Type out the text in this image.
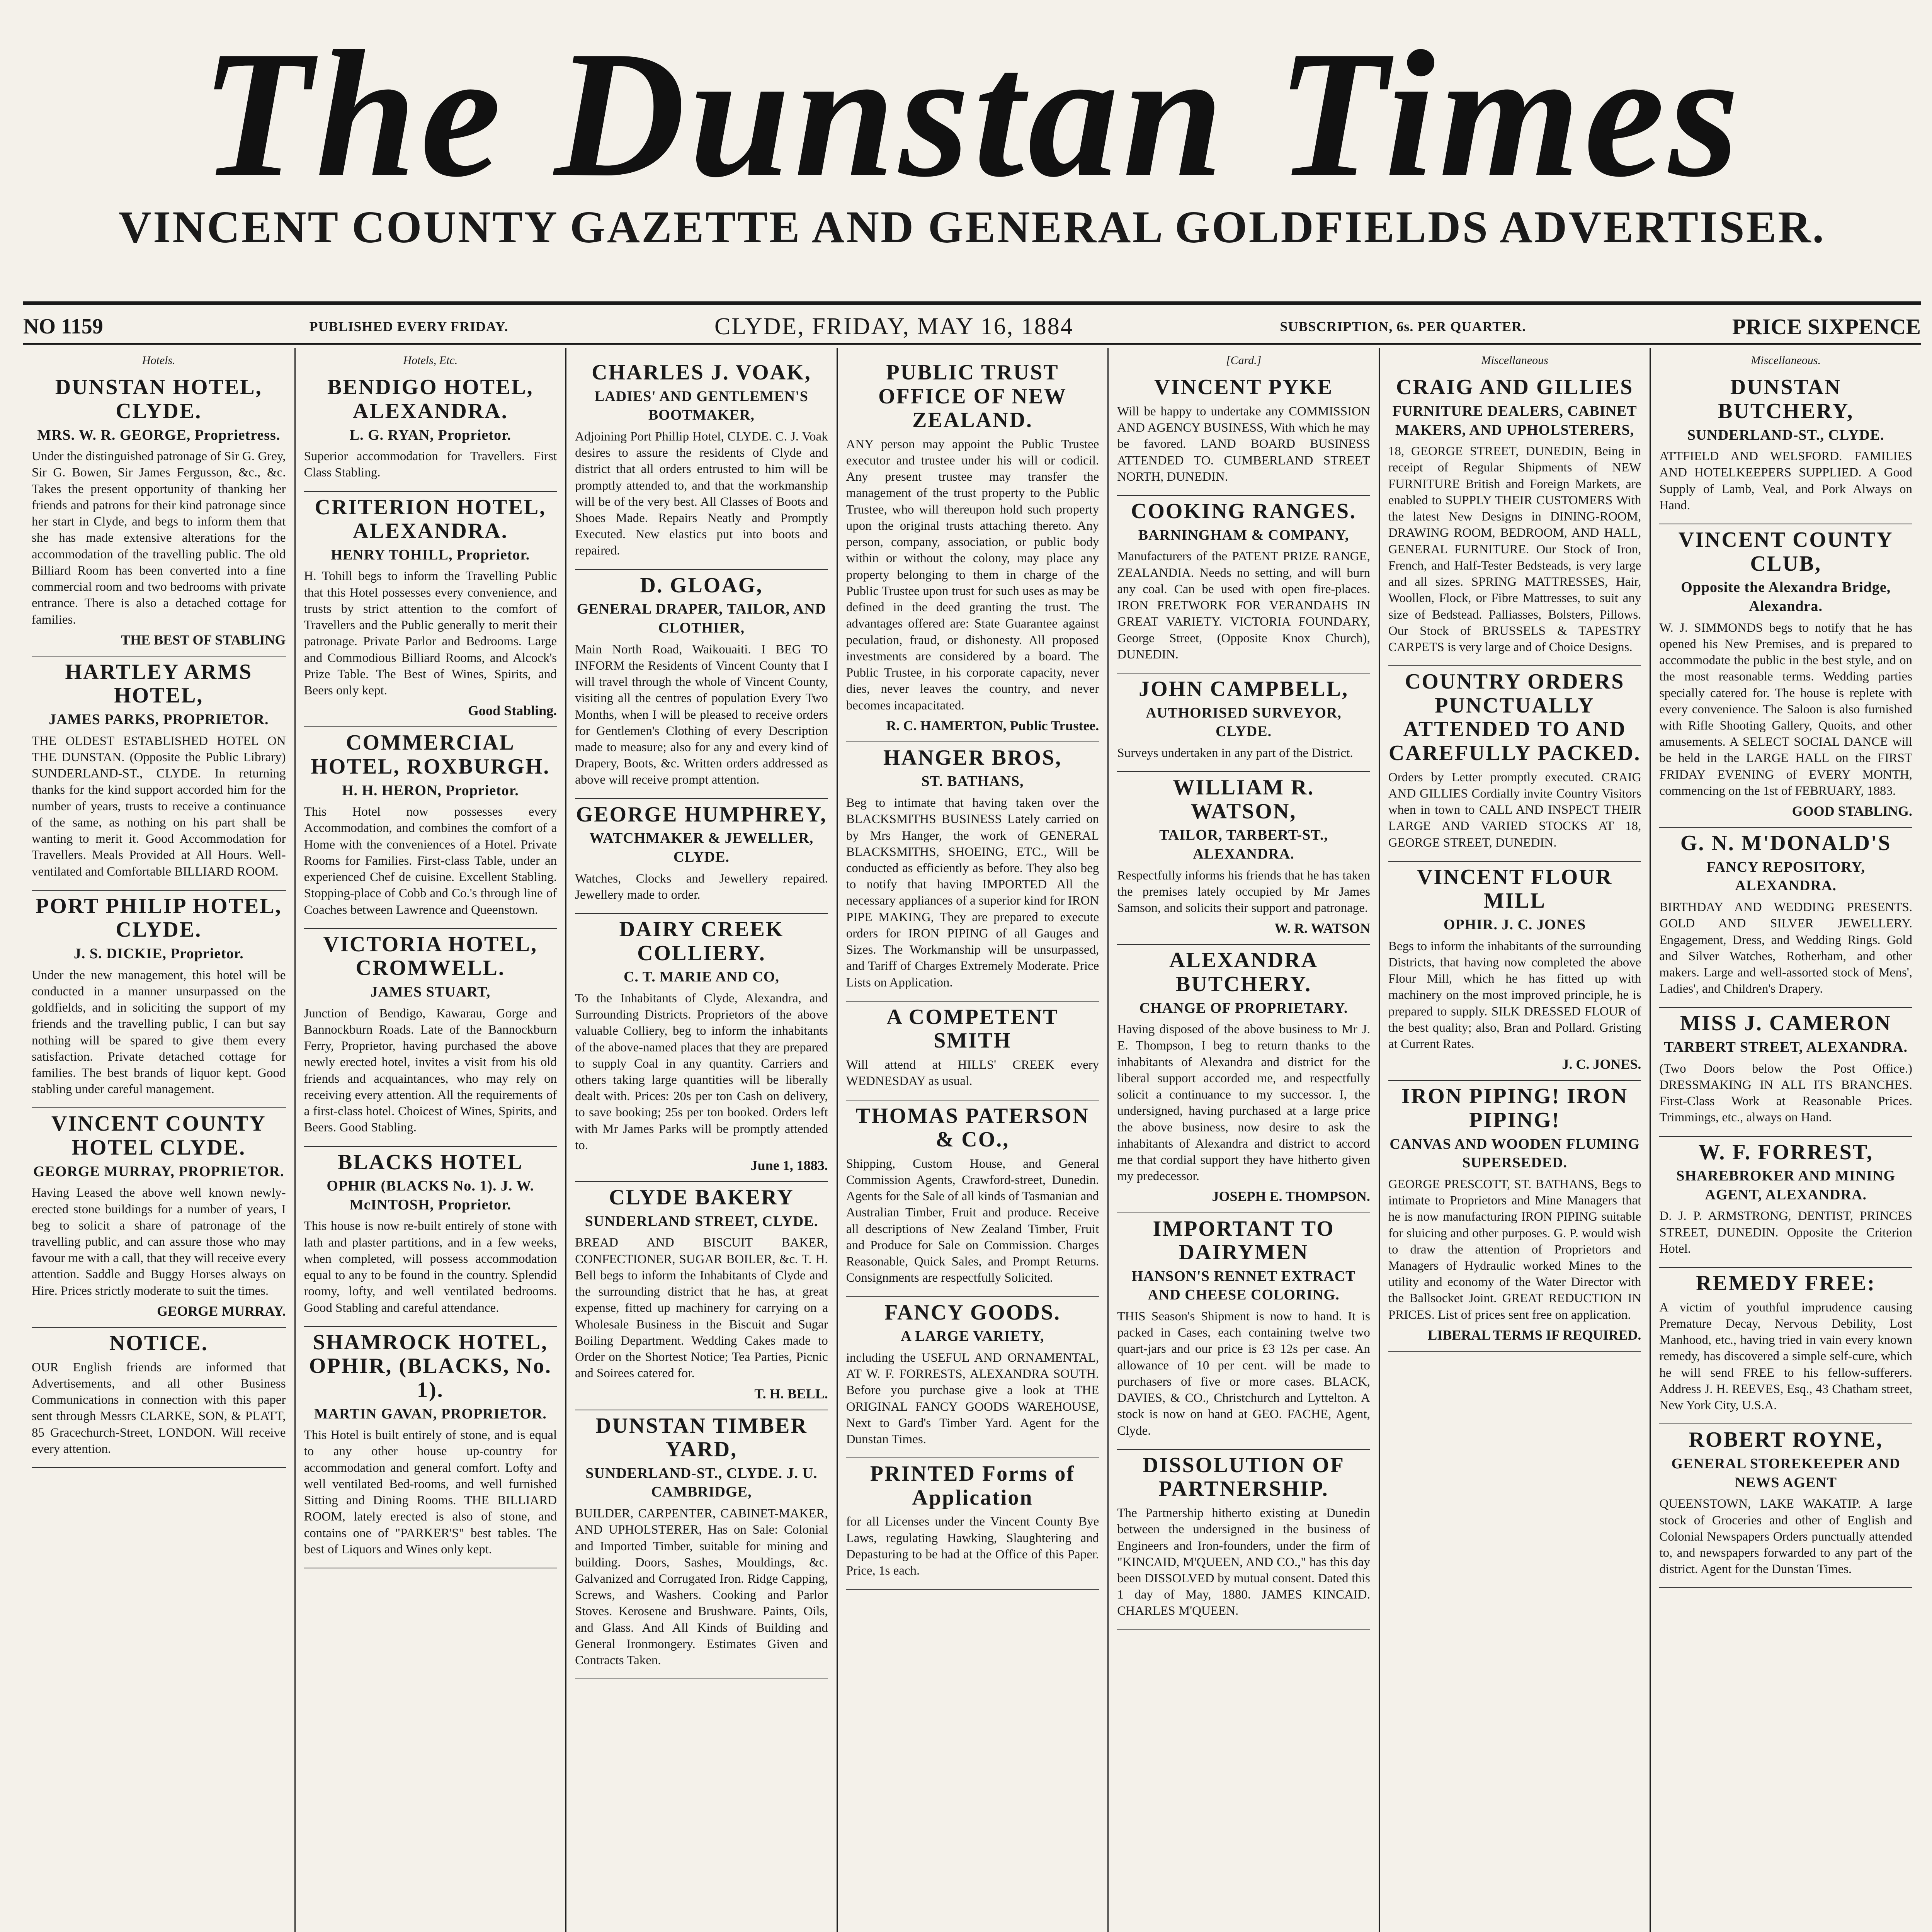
The Dunstan Times
VINCENT COUNTY GAZETTE AND GENERAL GOLDFIELDS ADVERTISER.
NO 1159	PUBLISHED EVERY FRIDAY.	CLYDE, FRIDAY, MAY 16, 1884	SUBSCRIPTION, 6s. PER QUARTER.	PRICE SIXPENCE
Hotels.
DUNSTAN HOTEL, CLYDE.
MRS. W. R. GEORGE, Proprietress.
Under the distinguished patronage of Sir G. Grey, Sir G. Bowen, Sir James Fergusson, &c., &c. Takes the present opportunity of thanking her friends and patrons for their kind patronage since her start in Clyde, and begs to inform them that she has made extensive alterations for the accommodation of the travelling public. The old Billiard Room has been converted into a fine commercial room and two bedrooms with private entrance. There is also a detached cottage for families.
THE BEST OF STABLING
HARTLEY ARMS HOTEL,
JAMES PARKS, PROPRIETOR.
THE OLDEST ESTABLISHED HOTEL ON THE DUNSTAN. (Opposite the Public Library) SUNDERLAND-ST., CLYDE. In returning thanks for the kind support accorded him for the number of years, trusts to receive a continuance of the same, as nothing on his part shall be wanting to merit it. Good Accommodation for Travellers. Meals Provided at All Hours. Well-ventilated and Comfortable BILLIARD ROOM.
PORT PHILIP HOTEL, CLYDE.
J. S. DICKIE, Proprietor.
Under the new management, this hotel will be conducted in a manner unsurpassed on the goldfields, and in soliciting the support of my friends and the travelling public, I can but say nothing will be spared to give them every satisfaction. Private detached cottage for families. The best brands of liquor kept. Good stabling under careful management.
VINCENT COUNTY HOTEL CLYDE.
GEORGE MURRAY, PROPRIETOR.
Having Leased the above well known newly-erected stone buildings for a number of years, I beg to solicit a share of patronage of the travelling public, and can assure those who may favour me with a call, that they will receive every attention. Saddle and Buggy Horses always on Hire. Prices strictly moderate to suit the times.
GEORGE MURRAY.
NOTICE.
OUR English friends are informed that Advertisements, and all other Business Communications in connection with this paper sent through Messrs CLARKE, SON, & PLATT, 85 Gracechurch-Street, LONDON. Will receive every attention.
Hotels, Etc.
BENDIGO HOTEL, ALEXANDRA.
L. G. RYAN, Proprietor.
Superior accommodation for Travellers. First Class Stabling.
CRITERION HOTEL, ALEXANDRA.
HENRY TOHILL, Proprietor.
H. Tohill begs to inform the Travelling Public that this Hotel possesses every convenience, and trusts by strict attention to the comfort of Travellers and the Public generally to merit their patronage. Private Parlor and Bedrooms. Large and Commodious Billiard Rooms, and Alcock's Prize Table. The Best of Wines, Spirits, and Beers only kept.
Good Stabling.
COMMERCIAL HOTEL, ROXBURGH.
H. H. HERON, Proprietor.
This Hotel now possesses every Accommodation, and combines the comfort of a Home with the conveniences of a Hotel. Private Rooms for Families. First-class Table, under an experienced Chef de cuisine. Excellent Stabling. Stopping-place of Cobb and Co.'s through line of Coaches between Lawrence and Queenstown.
VICTORIA HOTEL, CROMWELL.
JAMES STUART,
Junction of Bendigo, Kawarau, Gorge and Bannockburn Roads. Late of the Bannockburn Ferry, Proprietor, having purchased the above newly erected hotel, invites a visit from his old friends and acquaintances, who may rely on receiving every attention. All the requirements of a first-class hotel. Choicest of Wines, Spirits, and Beers. Good Stabling.
BLACKS HOTEL
OPHIR (BLACKS No. 1). J. W. McINTOSH, Proprietor.
This house is now re-built entirely of stone with lath and plaster partitions, and in a few weeks, when completed, will possess accommodation equal to any to be found in the country. Splendid roomy, lofty, and well ventilated bedrooms. Good Stabling and careful attendance.
SHAMROCK HOTEL, OPHIR, (BLACKS, No. 1).
MARTIN GAVAN, PROPRIETOR.
This Hotel is built entirely of stone, and is equal to any other house up-country for accommodation and general comfort. Lofty and well ventilated Bed-rooms, and well furnished Sitting and Dining Rooms. THE BILLIARD ROOM, lately erected is also of stone, and contains one of "PARKER'S" best tables. The best of Liquors and Wines only kept.
CHARLES J. VOAK,
LADIES' AND GENTLEMEN'S BOOTMAKER,
Adjoining Port Phillip Hotel, CLYDE. C. J. Voak desires to assure the residents of Clyde and district that all orders entrusted to him will be promptly attended to, and that the workmanship will be of the very best. All Classes of Boots and Shoes Made. Repairs Neatly and Promptly Executed. New elastics put into boots and repaired.
D. GLOAG,
GENERAL DRAPER, TAILOR, AND CLOTHIER,
Main North Road, Waikouaiti. I BEG TO INFORM the Residents of Vincent County that I will travel through the whole of Vincent County, visiting all the centres of population Every Two Months, when I will be pleased to receive orders for Gentlemen's Clothing of every Description made to measure; also for any and every kind of Drapery, Boots, &c. Written orders addressed as above will receive prompt attention.
GEORGE HUMPHREY,
WATCHMAKER & JEWELLER, CLYDE.
Watches, Clocks and Jewellery repaired. Jewellery made to order.
DAIRY CREEK COLLIERY.
C. T. MARIE AND CO,
To the Inhabitants of Clyde, Alexandra, and Surrounding Districts. Proprietors of the above valuable Colliery, beg to inform the inhabitants of the above-named places that they are prepared to supply Coal in any quantity. Carriers and others taking large quantities will be liberally dealt with. Prices: 20s per ton Cash on delivery, to save booking; 25s per ton booked. Orders left with Mr James Parks will be promptly attended to.
June 1, 1883.
CLYDE BAKERY
SUNDERLAND STREET, CLYDE.
BREAD AND BISCUIT BAKER, CONFECTIONER, SUGAR BOILER, &c. T. H. Bell begs to inform the Inhabitants of Clyde and the surrounding district that he has, at great expense, fitted up machinery for carrying on a Wholesale Business in the Biscuit and Sugar Boiling Department. Wedding Cakes made to Order on the Shortest Notice; Tea Parties, Picnic and Soirees catered for.
T. H. BELL.
DUNSTAN TIMBER YARD,
SUNDERLAND-ST., CLYDE. J. U. CAMBRIDGE,
BUILDER, CARPENTER, CABINET-MAKER, AND UPHOLSTERER, Has on Sale: Colonial and Imported Timber, suitable for mining and building. Doors, Sashes, Mouldings, &c. Galvanized and Corrugated Iron. Ridge Capping, Screws, and Washers. Cooking and Parlor Stoves. Kerosene and Brushware. Paints, Oils, and Glass. And All Kinds of Building and General Ironmongery. Estimates Given and Contracts Taken.
PUBLIC TRUST OFFICE OF NEW ZEALAND.
ANY person may appoint the Public Trustee executor and trustee under his will or codicil. Any present trustee may transfer the management of the trust property to the Public Trustee, who will thereupon hold such property upon the original trusts attaching thereto. Any person, company, association, or public body within or without the colony, may place any property belonging to them in charge of the Public Trustee upon trust for such uses as may be defined in the deed granting the trust. The advantages offered are: State Guarantee against peculation, fraud, or dishonesty. All proposed investments are considered by a board. The Public Trustee, in his corporate capacity, never dies, never leaves the country, and never becomes incapacitated.
R. C. HAMERTON, Public Trustee.
HANGER BROS,
ST. BATHANS,
Beg to intimate that having taken over the BLACKSMITHS BUSINESS Lately carried on by Mrs Hanger, the work of GENERAL BLACKSMITHS, SHOEING, ETC., Will be conducted as efficiently as before. They also beg to notify that having IMPORTED All the necessary appliances of a superior kind for IRON PIPE MAKING, They are prepared to execute orders for IRON PIPING of all Gauges and Sizes. The Workmanship will be unsurpassed, and Tariff of Charges Extremely Moderate. Price Lists on Application.
A COMPETENT SMITH
Will attend at HILLS' CREEK every WEDNESDAY as usual.
THOMAS PATERSON & CO.,
Shipping, Custom House, and General Commission Agents, Crawford-street, Dunedin. Agents for the Sale of all kinds of Tasmanian and Australian Timber, Fruit and produce. Receive all descriptions of New Zealand Timber, Fruit and Produce for Sale on Commission. Charges Reasonable, Quick Sales, and Prompt Returns. Consignments are respectfully Solicited.
FANCY GOODS.
A LARGE VARIETY,
including the USEFUL AND ORNAMENTAL, AT W. F. FORRESTS, ALEXANDRA SOUTH. Before you purchase give a look at THE ORIGINAL FANCY GOODS WAREHOUSE, Next to Gard's Timber Yard. Agent for the Dunstan Times.
PRINTED Forms of Application
for all Licenses under the Vincent County Bye Laws, regulating Hawking, Slaughtering and Depasturing to be had at the Office of this Paper. Price, 1s each.
[Card.]
VINCENT PYKE
Will be happy to undertake any COMMISSION AND AGENCY BUSINESS, With which he may be favored. LAND BOARD BUSINESS ATTENDED TO. CUMBERLAND STREET NORTH, DUNEDIN.
COOKING RANGES.
BARNINGHAM & COMPANY,
Manufacturers of the PATENT PRIZE RANGE, ZEALANDIA. Needs no setting, and will burn any coal. Can be used with open fire-places. IRON FRETWORK FOR VERANDAHS IN GREAT VARIETY. VICTORIA FOUNDARY, George Street, (Opposite Knox Church), DUNEDIN.
JOHN CAMPBELL,
AUTHORISED SURVEYOR, CLYDE.
Surveys undertaken in any part of the District.
WILLIAM R. WATSON,
TAILOR, TARBERT-ST., ALEXANDRA.
Respectfully informs his friends that he has taken the premises lately occupied by Mr James Samson, and solicits their support and patronage.
W. R. WATSON
ALEXANDRA BUTCHERY.
CHANGE OF PROPRIETARY.
Having disposed of the above business to Mr J. E. Thompson, I beg to return thanks to the inhabitants of Alexandra and district for the liberal support accorded me, and respectfully solicit a continuance to my successor. I, the undersigned, having purchased at a large price the above business, now desire to ask the inhabitants of Alexandra and district to accord me that cordial support they have hitherto given my predecessor.
JOSEPH E. THOMPSON.
IMPORTANT TO DAIRYMEN
HANSON'S RENNET EXTRACT AND CHEESE COLORING.
THIS Season's Shipment is now to hand. It is packed in Cases, each containing twelve two quart-jars and our price is £3 12s per case. An allowance of 10 per cent. will be made to purchasers of five or more cases. BLACK, DAVIES, & CO., Christchurch and Lyttelton. A stock is now on hand at GEO. FACHE, Agent, Clyde.
DISSOLUTION OF PARTNERSHIP.
The Partnership hitherto existing at Dunedin between the undersigned in the business of Engineers and Iron-founders, under the firm of "KINCAID, M'QUEEN, AND CO.," has this day been DISSOLVED by mutual consent. Dated this 1 day of May, 1880. JAMES KINCAID. CHARLES M'QUEEN.
Miscellaneous
CRAIG AND GILLIES
FURNITURE DEALERS, CABINET MAKERS, AND UPHOLSTERERS,
18, GEORGE STREET, DUNEDIN, Being in receipt of Regular Shipments of NEW FURNITURE British and Foreign Markets, are enabled to SUPPLY THEIR CUSTOMERS With the latest New Designs in DINING-ROOM, DRAWING ROOM, BEDROOM, AND HALL, GENERAL FURNITURE. Our Stock of Iron, French, and Half-Tester Bedsteads, is very large and all sizes. SPRING MATTRESSES, Hair, Woollen, Flock, or Fibre Mattresses, to suit any size of Bedstead. Palliasses, Bolsters, Pillows. Our Stock of BRUSSELS & TAPESTRY CARPETS is very large and of Choice Designs.
COUNTRY ORDERS PUNCTUALLY ATTENDED TO AND CAREFULLY PACKED.
Orders by Letter promptly executed. CRAIG AND GILLIES Cordially invite Country Visitors when in town to CALL AND INSPECT THEIR LARGE AND VARIED STOCKS AT 18, GEORGE STREET, DUNEDIN.
VINCENT FLOUR MILL
OPHIR. J. C. JONES
Begs to inform the inhabitants of the surrounding Districts, that having now completed the above Flour Mill, which he has fitted up with machinery on the most improved principle, he is prepared to supply. SILK DRESSED FLOUR of the best quality; also, Bran and Pollard. Gristing at Current Rates.
J. C. JONES.
IRON PIPING! IRON PIPING!
CANVAS AND WOODEN FLUMING SUPERSEDED.
GEORGE PRESCOTT, ST. BATHANS, Begs to intimate to Proprietors and Mine Managers that he is now manufacturing IRON PIPING suitable for sluicing and other purposes. G. P. would wish to draw the attention of Proprietors and Managers of Hydraulic worked Mines to the utility and economy of the Water Director with the Ballsocket Joint. GREAT REDUCTION IN PRICES. List of prices sent free on application.
LIBERAL TERMS IF REQUIRED.
Miscellaneous.
DUNSTAN BUTCHERY,
SUNDERLAND-ST., CLYDE.
ATTFIELD AND WELSFORD. FAMILIES AND HOTELKEEPERS SUPPLIED. A Good Supply of Lamb, Veal, and Pork Always on Hand.
VINCENT COUNTY CLUB,
Opposite the Alexandra Bridge, Alexandra.
W. J. SIMMONDS begs to notify that he has opened his New Premises, and is prepared to accommodate the public in the best style, and on the most reasonable terms. Wedding parties specially catered for. The house is replete with every convenience. The Saloon is also furnished with Rifle Shooting Gallery, Quoits, and other amusements. A SELECT SOCIAL DANCE will be held in the LARGE HALL on the FIRST FRIDAY EVENING of EVERY MONTH, commencing on the 1st of FEBRUARY, 1883.
GOOD STABLING.
G. N. M'DONALD'S
FANCY REPOSITORY, ALEXANDRA.
BIRTHDAY AND WEDDING PRESENTS. GOLD AND SILVER JEWELLERY. Engagement, Dress, and Wedding Rings. Gold and Silver Watches, Rotherham, and other makers. Large and well-assorted stock of Mens', Ladies', and Children's Drapery.
MISS J. CAMERON
TARBERT STREET, ALEXANDRA.
(Two Doors below the Post Office.) DRESSMAKING IN ALL ITS BRANCHES. First-Class Work at Reasonable Prices. Trimmings, etc., always on Hand.
W. F. FORREST,
SHAREBROKER AND MINING AGENT, ALEXANDRA.
D. J. P. ARMSTRONG, DENTIST, PRINCES STREET, DUNEDIN. Opposite the Criterion Hotel.
REMEDY FREE:
A victim of youthful imprudence causing Premature Decay, Nervous Debility, Lost Manhood, etc., having tried in vain every known remedy, has discovered a simple self-cure, which he will send FREE to his fellow-sufferers. Address J. H. REEVES, Esq., 43 Chatham street, New York City, U.S.A.
ROBERT ROYNE,
GENERAL STOREKEEPER AND NEWS AGENT
QUEENSTOWN, LAKE WAKATIP. A large stock of Groceries and other of English and Colonial Newspapers Orders punctually attended to, and newspapers forwarded to any part of the district. Agent for the Dunstan Times.
